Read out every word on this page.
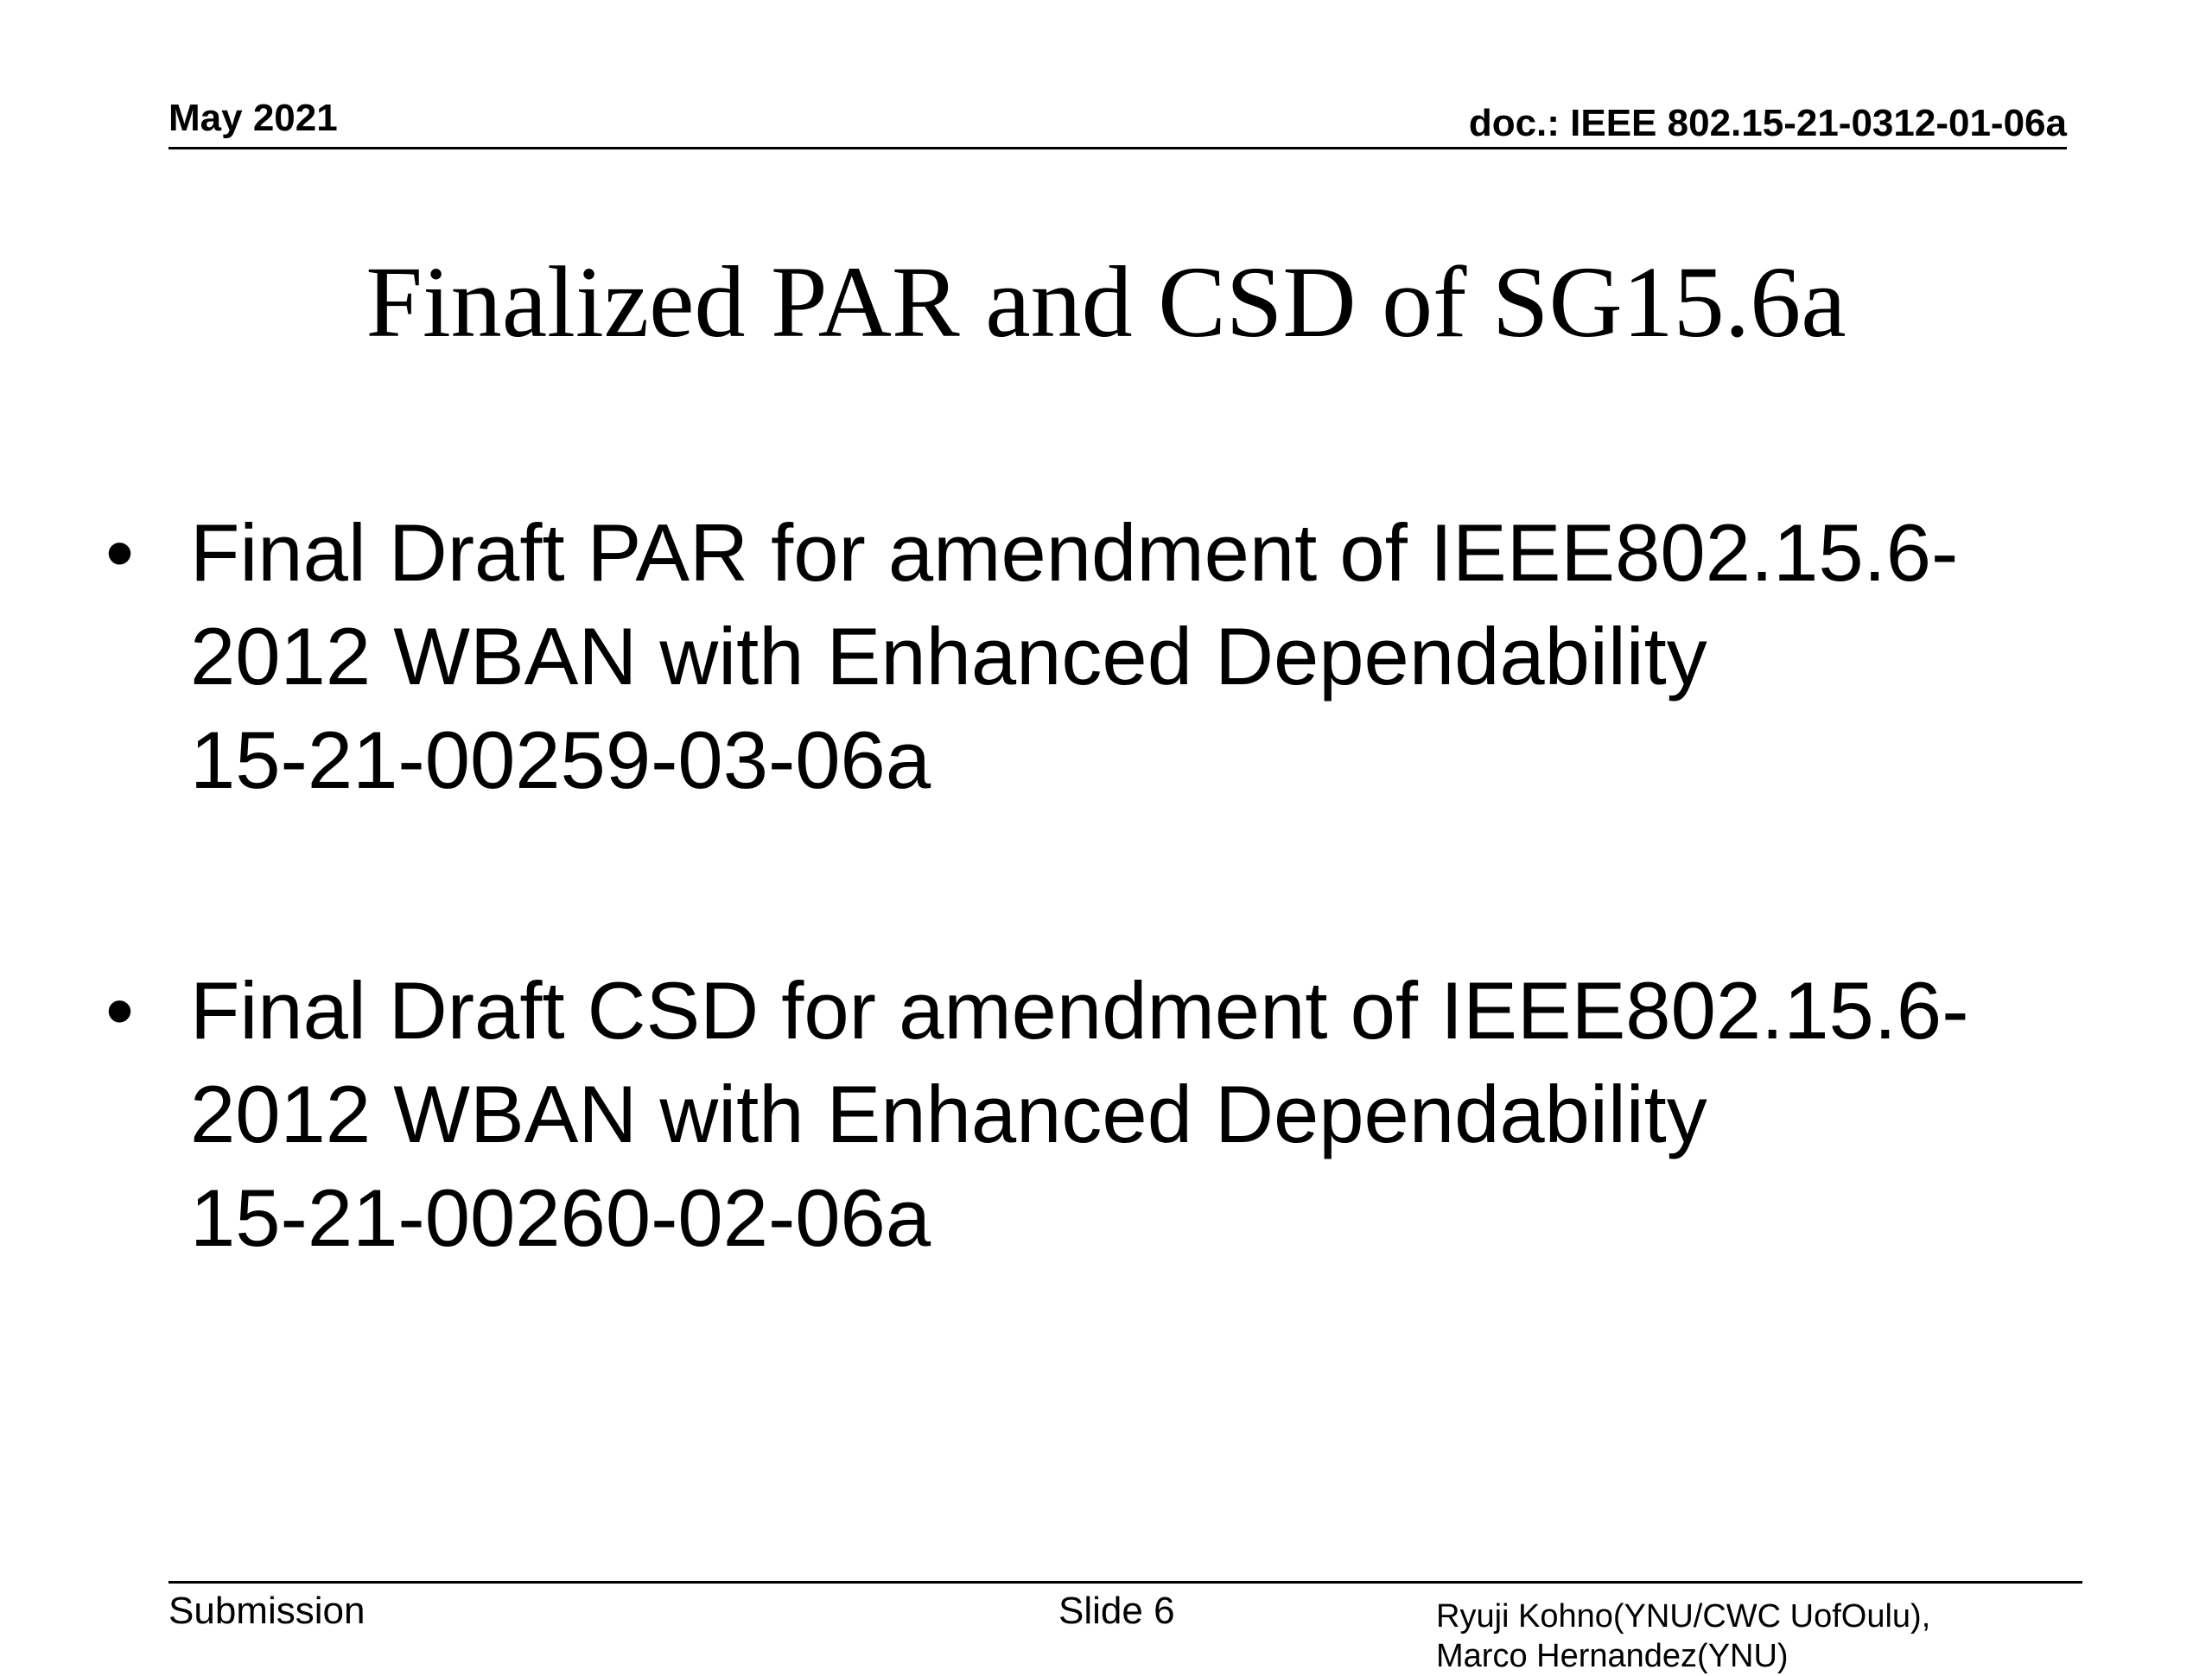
May 2021	doc.: IEEE 802.15-21-0312-01-06a
Finalized PAR and CSD of SG15.6a
• Final Draft PAR for amendment of IEEE802.15.6-
2012 WBAN with Enhanced Dependability
15-21-00259-03-06a
• Final Draft CSD for amendment of IEEE802.15.6-
2012 WBAN with Enhanced Dependability
15-21-00260-02-06a
Submission	Slide 6	Ryuji Kohno(YNU/CWC UofOulu),
Marco Hernandez(YNU)
